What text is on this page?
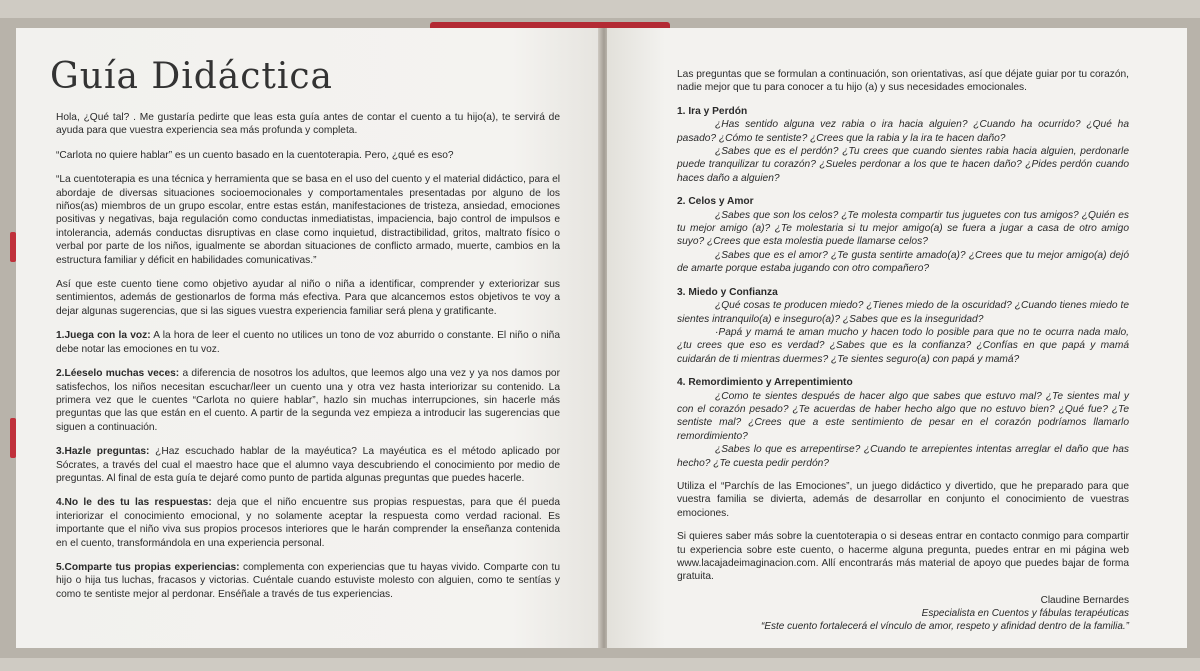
Guía Didáctica

Hola, ¿Qué tal? . Me gustaría pedirte que leas esta guía antes de contar el cuento a tu hijo(a), te servirá de ayuda para que vuestra experiencia sea más profunda y completa.

“Carlota no quiere hablar” es un cuento basado en la cuentoterapia. Pero, ¿qué es eso?

“La cuentoterapia es una técnica y herramienta que se basa en el uso del cuento y el material didáctico, para el abordaje de diversas situaciones socioemocionales y comportamentales presentadas por alguno de los niños(as) miembros de un grupo escolar, entre estas están, manifestaciones de tristeza, ansiedad, emociones positivas y negativas, baja regulación como conductas inmediatistas, impaciencia, bajo control de impulsos e intolerancia, además conductas disruptivas en clase como inquietud, distractibilidad, gritos, maltrato físico o verbal por parte de los niños, igualmente se abordan situaciones de conflicto armado, muerte, cambios en la estructura familiar y déficit en habilidades comunicativas.”

Así que este cuento tiene como objetivo ayudar al niño o niña a identificar, comprender y exteriorizar sus sentimientos, además de gestionarlos de forma más efectiva. Para que alcancemos estos objetivos te voy a dejar algunas sugerencias, que si las sigues vuestra experiencia familiar será plena y gratificante.

1.Juega con la voz: A la hora de leer el cuento no utilices un tono de voz aburrido o constante. El niño o niña debe notar las emociones en tu voz.

2.Léeselo muchas veces: a diferencia de nosotros los adultos, que leemos algo una vez y ya nos damos por satisfechos, los niños necesitan escuchar/leer un cuento una y otra vez hasta interiorizar su contenido. La primera vez que le cuentes “Carlota no quiere hablar”, hazlo sin muchas interrupciones, sin hacerle más preguntas que las que están en el cuento. A partir de la segunda vez empieza a introducir las sugerencias que siguen a continuación.

3.Hazle preguntas: ¿Haz escuchado hablar de la mayéutica? La mayéutica es el método aplicado por Sócrates, a través del cual el maestro hace que el alumno vaya descubriendo el conocimiento por medio de preguntas. Al final de esta guía te dejaré como punto de partida algunas preguntas que puedes hacerle.

4.No le des tu las respuestas: deja que el niño encuentre sus propias respuestas, para que él pueda interiorizar el conocimiento emocional, y no solamente aceptar la respuesta como verdad racional. Es importante que el niño viva sus propios procesos interiores que le harán comprender la enseñanza contenida en el cuento, transformándola en una experiencia personal.

5.Comparte tus propias experiencias: complementa con experiencias que tu hayas vivido. Comparte con tu hijo o hija tus luchas, fracasos y victorias. Cuéntale cuando estuviste molesto con alguien, como te sentías y como te sentiste mejor al perdonar. Enséñale a través de tus experiencias.

Las preguntas que se formulan a continuación, son orientativas, así que déjate guiar por tu corazón, nadie mejor que tu para conocer a tu hijo (a) y sus necesidades emocionales.

1. Ira y Perdón

¿Has sentido alguna vez rabia o ira hacia alguien? ¿Cuando ha ocurrido? ¿Qué ha pasado? ¿Cómo te sentiste? ¿Crees que la rabia y la ira te hacen daño?

¿Sabes que es el perdón? ¿Tu crees que cuando sientes rabia hacia alguien, perdonarle puede tranquilizar tu corazón? ¿Sueles perdonar a los que te hacen daño? ¿Pides perdón cuando haces daño a alguien?

2. Celos y Amor

¿Sabes que son los celos? ¿Te molesta compartir tus juguetes con tus amigos? ¿Quién es tu mejor amigo (a)? ¿Te molestaria si tu mejor amigo(a) se fuera a jugar a casa de otro amigo suyo? ¿Crees que esta molestia puede llamarse celos?

¿Sabes que es el amor? ¿Te gusta sentirte amado(a)? ¿Crees que tu mejor amigo(a) dejó de amarte porque estaba jugando con otro compañero?

3. Miedo y Confianza

¿Qué cosas te producen miedo? ¿Tienes miedo de la oscuridad? ¿Cuando tienes miedo te sientes intranquilo(a) e inseguro(a)? ¿Sabes que es la inseguridad?

·Papá y mamá te aman mucho y hacen todo lo posible para que no te ocurra nada malo, ¿tu crees que eso es verdad? ¿Sabes que es la confianza? ¿Confías en que papá y mamá cuidarán de ti mientras duermes? ¿Te sientes seguro(a) con papá y mamá?

4. Remordimiento y Arrepentimiento

¿Como te sientes después de hacer algo que sabes que estuvo mal? ¿Te sientes mal y con el corazón pesado? ¿Te acuerdas de haber hecho algo que no estuvo bien? ¿Qué fue? ¿Te sentiste mal? ¿Crees que a este sentimiento de pesar en el corazón podríamos llamarlo remordimiento?

¿Sabes lo que es arrepentirse? ¿Cuando te arrepientes intentas arreglar el daño que has hecho? ¿Te cuesta pedir perdón?

Utiliza el “Parchís de las Emociones”, un juego didáctico y divertido, que he preparado para que vuestra familia se divierta, además de desarrollar en conjunto el conocimiento de vuestras emociones.

Si quieres saber más sobre la cuentoterapia o si deseas entrar en contacto conmigo para compartir tu experiencia sobre este cuento, o hacerme alguna pregunta, puedes entrar en mi página web www.lacajadeimaginacion.com. Allí encontrarás más material de apoyo que puedes bajar de forma gratuita.

Claudine Bernardes

Especialista en Cuentos y fábulas terapéuticas

“Este cuento fortalecerá el vínculo de amor, respeto y afinidad dentro de la familia.”
